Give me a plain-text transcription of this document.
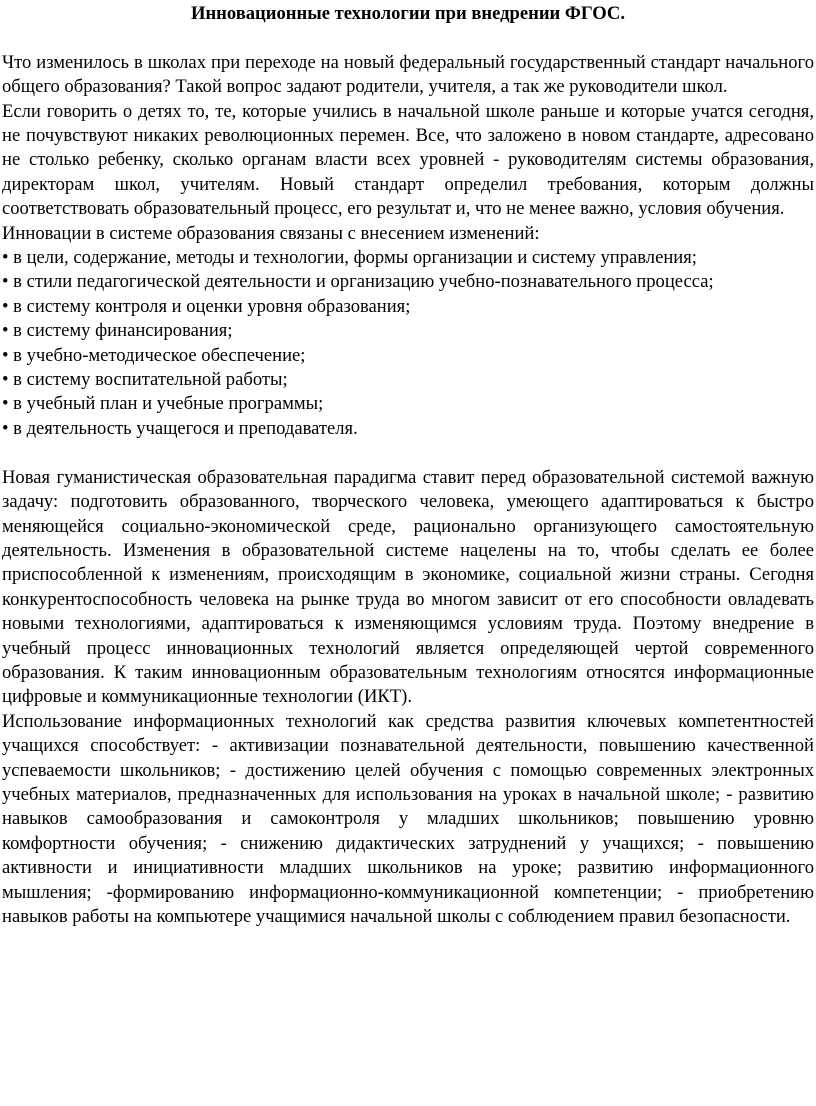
Инновационные технологии при внедрении ФГОС.

Что изменилось в школах при переходе на новый федеральный государственный стандарт начального общего образования? Такой вопрос задают родители, учителя, а так же руководители школ.

Если говорить о детях то, те, которые учились в начальной школе раньше и которые учатся сегодня, не почувствуют никаких революционных перемен. Все, что заложено в новом стандарте, адресовано не столько ребенку, сколько органам власти всех уровней - руководителям системы образования, директорам школ, учителям. Новый стандарт определил требования, которым должны соответствовать образовательный процесс, его результат и, что не менее важно, условия обучения.

Инновации в системе образования связаны с внесением изменений:

• в цели, содержание, методы и технологии, формы организации и систему управления;
• в стили педагогической деятельности и организацию учебно-познавательного процесса;
• в систему контроля и оценки уровня образования;
• в систему финансирования;
• в учебно-методическое обеспечение;
• в систему воспитательной работы;
• в учебный план и учебные программы;
• в деятельность учащегося и преподавателя.

Новая гуманистическая образовательная парадигма ставит перед образовательной системой важную задачу: подготовить образованного, творческого человека, умеющего адаптироваться к быстро меняющейся социально-экономической среде, рационально организующего самостоятельную деятельность. Изменения в образовательной системе нацелены на то, чтобы сделать ее более приспособленной к изменениям, происходящим в экономике, социальной жизни страны. Сегодня конкурентоспособность человека на рынке труда во многом зависит от его способности овладевать новыми технологиями, адаптироваться к изменяющимся условиям труда. Поэтому внедрение в учебный процесс инновационных технологий является определяющей чертой современного образования. К таким инновационным образовательным технологиям относятся информационные цифровые и коммуникационные технологии (ИКТ).

Использование информационных технологий как средства развития ключевых компетентностей учащихся способствует: - активизации познавательной деятельности, повышению качественной успеваемости школьников; - достижению целей обучения с помощью современных электронных учебных материалов, предназначенных для использования на уроках в начальной школе; - развитию навыков самообразования и самоконтроля у младших школьников; повышению уровню комфортности обучения; - снижению дидактических затруднений у учащихся; - повышению активности и инициативности младших школьников на уроке; развитию информационного мышления; -формированию информационно-коммуникационной компетенции; - приобретению навыков работы на компьютере учащимися начальной школы с соблюдением правил безопасности.
